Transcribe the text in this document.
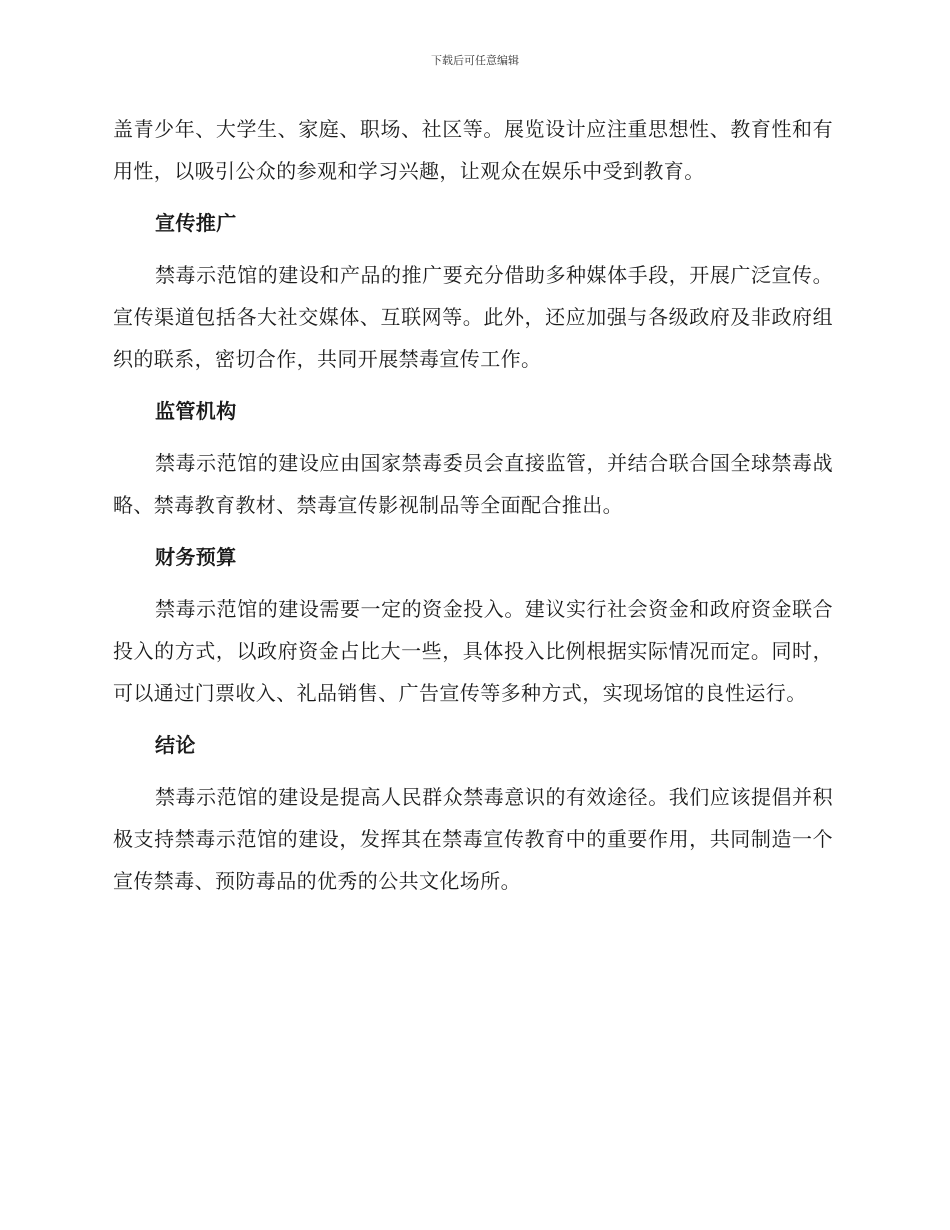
下载后可任意编辑

盖青少年、大学生、家庭、职场、社区等。展览设计应注重思想性、教育性和有用性，以吸引公众的参观和学习兴趣，让观众在娱乐中受到教育。

宣传推广

禁毒示范馆的建设和产品的推广要充分借助多种媒体手段，开展广泛宣传。宣传渠道包括各大社交媒体、互联网等。此外，还应加强与各级政府及非政府组织的联系，密切合作，共同开展禁毒宣传工作。

监管机构

禁毒示范馆的建设应由国家禁毒委员会直接监管，并结合联合国全球禁毒战略、禁毒教育教材、禁毒宣传影视制品等全面配合推出。

财务预算

禁毒示范馆的建设需要一定的资金投入。建议实行社会资金和政府资金联合投入的方式，以政府资金占比大一些，具体投入比例根据实际情况而定。同时，可以通过门票收入、礼品销售、广告宣传等多种方式，实现场馆的良性运行。

结论

禁毒示范馆的建设是提高人民群众禁毒意识的有效途径。我们应该提倡并积极支持禁毒示范馆的建设，发挥其在禁毒宣传教育中的重要作用，共同制造一个宣传禁毒、预防毒品的优秀的公共文化场所。
